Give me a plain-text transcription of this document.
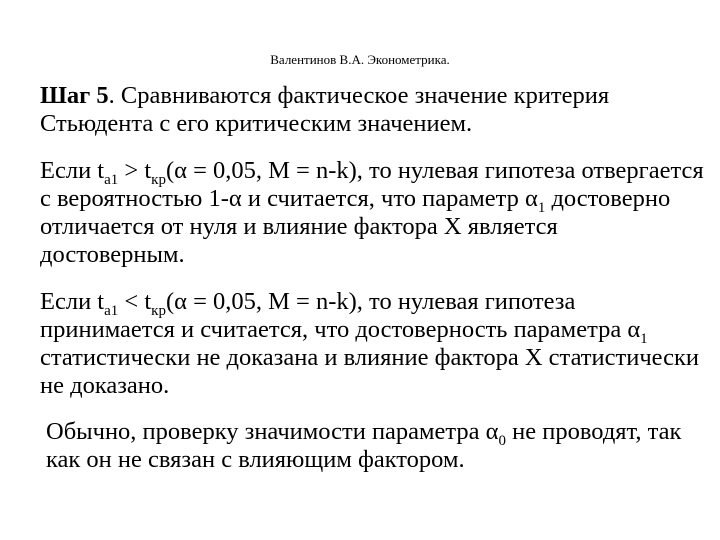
Валентинов В.А. Эконометрика.

Шаг 5. Сравниваются фактическое значение критерия Стьюдента с его критическим значением.

Если $t_{a1} > t_{кр}(\alpha = 0,05$, M = n-k), то нулевая гипотеза отвергается с вероятностью 1-α и считается, что параметр $\alpha_1$ достоверно отличается от нуля и влияние фактора X является достоверным.

Если $t_{a1} < t_{кр}(\alpha = 0,05$, M = n-k), то нулевая гипотеза принимается и считается, что достоверность параметра $\alpha_1$ статистически не доказана и влияние фактора X статистически не доказано.

Обычно, проверку значимости параметра $\alpha_0$ не проводят, так как он не связан с влияющим фактором.
